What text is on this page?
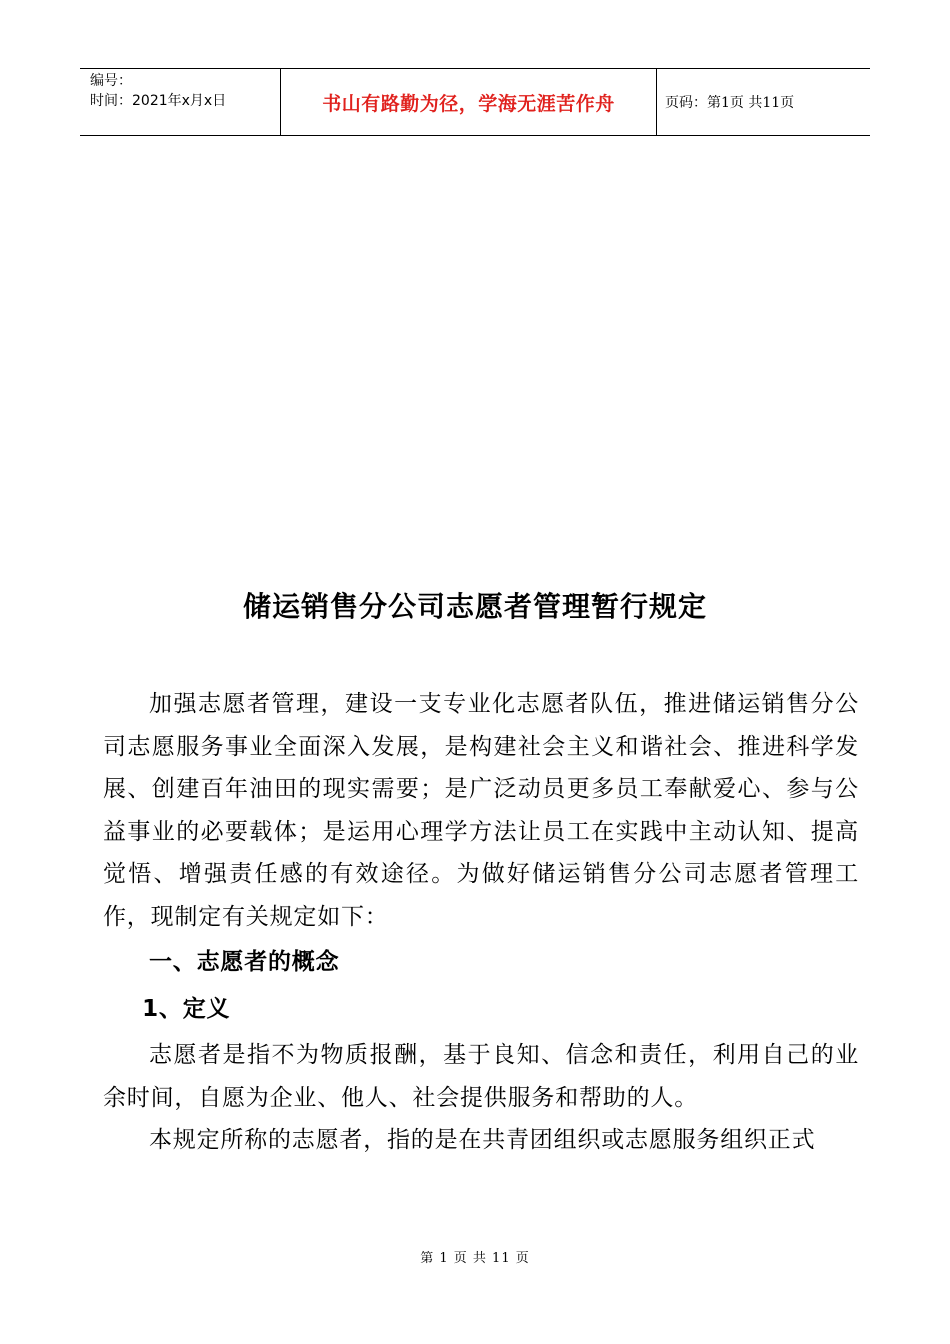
编号：
时间：2021年x月x日	书山有路勤为径，学海无涯苦作舟	页码：第1页 共11页
储运销售分公司志愿者管理暂行规定

加强志愿者管理，建设一支专业化志愿者队伍，推进储运销售分公司志愿服务事业全面深入发展，是构建社会主义和谐社会、推进科学发展、创建百年油田的现实需要；是广泛动员更多员工奉献爱心、参与公益事业的必要载体；是运用心理学方法让员工在实践中主动认知、提高觉悟、增强责任感的有效途径。为做好储运销售分公司志愿者管理工作，现制定有关规定如下：

一、志愿者的概念

1、定义

志愿者是指不为物质报酬，基于良知、信念和责任，利用自己的业余时间，自愿为企业、他人、社会提供服务和帮助的人。

本规定所称的志愿者，指的是在共青团组织或志愿服务组织正式

第 1 页 共 11 页
